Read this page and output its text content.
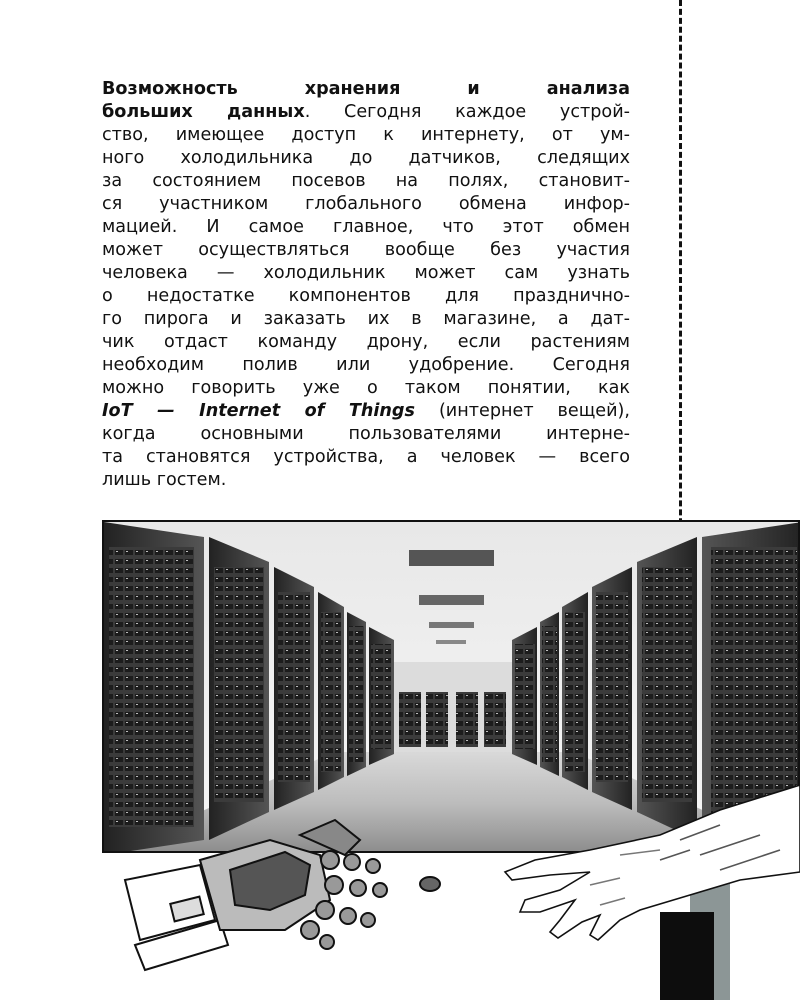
Возможность хранения и анализа
больших данных. Сегодня каждое устрой-
ство, имеющее доступ к интернету, от ум-
ного холодильника до датчиков, следящих
за состоянием посевов на полях, становит-
ся участником глобального обмена инфор-
мацией. И самое главное, что этот обмен
может осуществляться вообще без участия
человека — холодильник может сам узнать
о недостатке компонентов для празднично-
го пирога и заказать их в магазине, а дат-
чик отдаст команду дрону, если растениям
необходим полив или удобрение. Сегодня
можно говорить уже о таком понятии, как
IoT — Internet of Things (интернет вещей),
когда основными пользователями интерне-
та становятся устройства, а человек — всего
лишь гостем.
